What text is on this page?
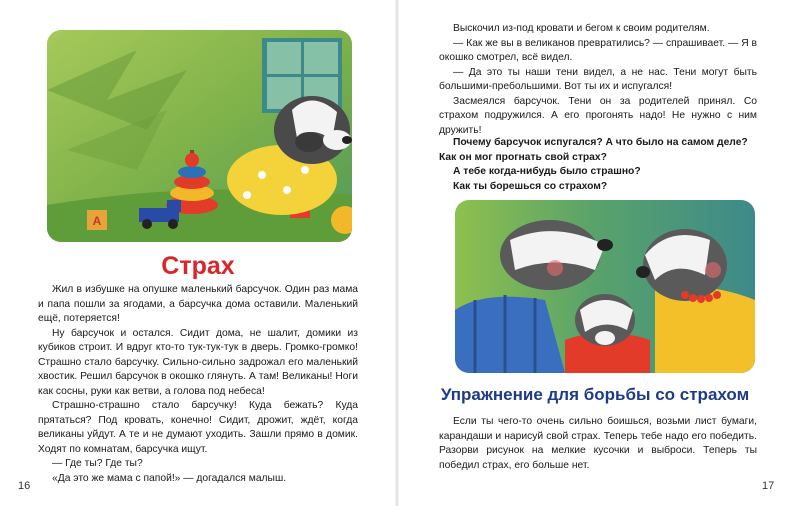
А
Страх

Жил в избушке на опушке маленький барсучок. Один раз мама и папа пошли за ягодами, а барсучка дома оставили. Маленький ещё, потеряется!

Ну барсучок и остался. Сидит дома, не шалит, домики из кубиков строит. И вдруг кто-то тук-тук-тук в дверь. Громко-громко! Страшно стало барсучку. Сильно-сильно задрожал его маленький хвостик. Решил барсучок в окошко глянуть. А там! Великаны! Ноги как сосны, руки как ветви, а голова под небеса!

Страшно-страшно стало барсучку! Куда бежать? Куда прятаться? Под кровать, конечно! Сидит, дрожит, ждёт, когда великаны уйдут. А те и не думают уходить. Зашли прямо в домик. Ходят по комнатам, барсучка ищут.

— Где ты? Где ты?

«Да это же мама с папой!» — догадался малыш.

16

Выскочил из-под кровати и бегом к своим родителям.

— Как же вы в великанов превратились? — спрашивает. — Я в окошко смотрел, всё видел.

— Да это ты наши тени видел, а не нас. Тени могут быть большими-пребольшими. Вот ты их и испугался!

Засмеялся барсучок. Тени он за родителей принял. Со страхом подружился. А его прогонять надо! Не нужно с ним дружить!

Почему барсучок испугался? А что было на самом деле? Как он мог прогнать свой страх?

А тебе когда-нибудь было страшно?

Как ты борешься со страхом?

Упражнение для борьбы со страхом

Если ты чего-то очень сильно боишься, возьми лист бумаги, карандаши и нарисуй свой страх. Теперь тебе надо его победить. Разорви рисунок на мелкие кусочки и выброси. Теперь ты победил страх, его больше нет.

17
